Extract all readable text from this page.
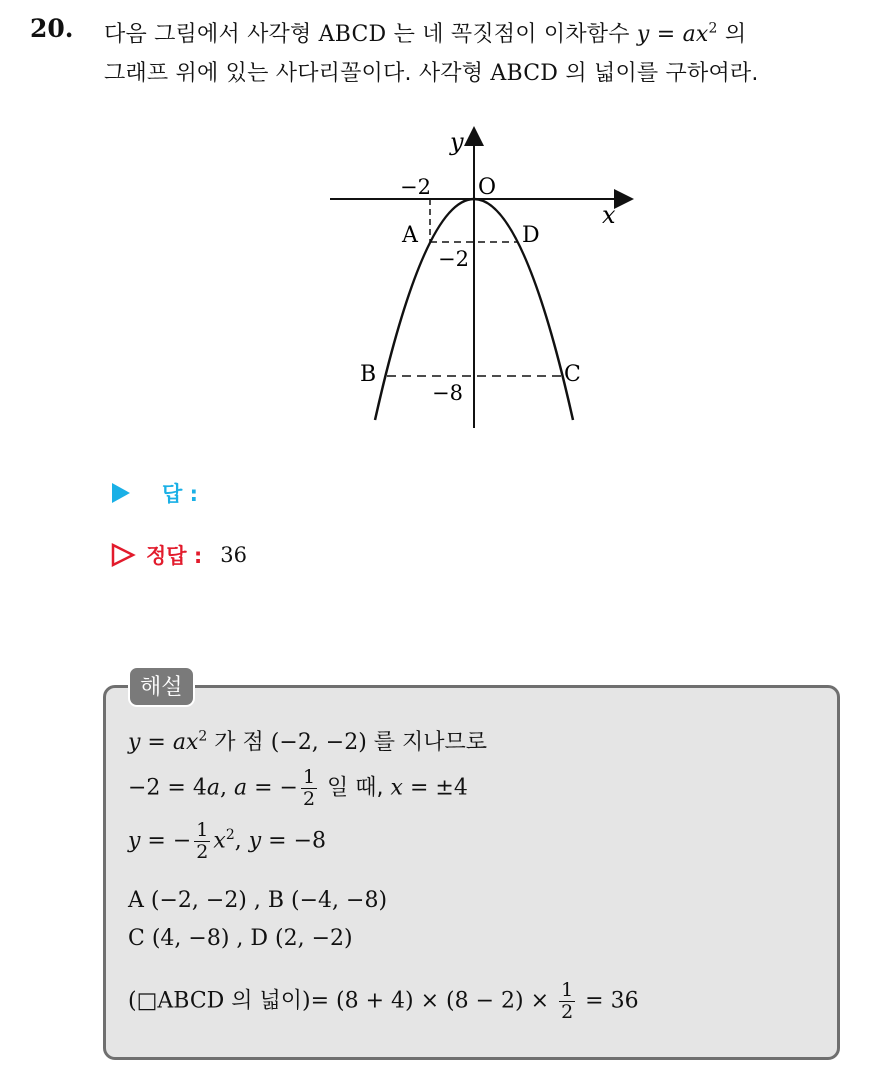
20. 다음 그림에서 사각형 ABCD 는 네 꼭짓점이 이차함수 $y = ax^2$ 의
그래프 위에 있는 사다리꼴이다. 사각형 ABCD 의 넓이를 구하여라.
y
x
O
−2
−2
−8
A	D
B	C
답 :
정답 : 36
해설
$y = ax^2$ 가 점 (−2, −2) 를 지나므로
−2 = 4a, a = − $\frac{1}{2}$ 일 때, x = ±4
y = − $\frac{1}{2} x^2$, y = −8
A (−2, −2) , B (−4, −8)
C (4, −8) , D (2, −2)
(□ABCD 의 넓이)= $(8 + 4) \times (8 - 2) \times \frac{1}{2} = 36$
